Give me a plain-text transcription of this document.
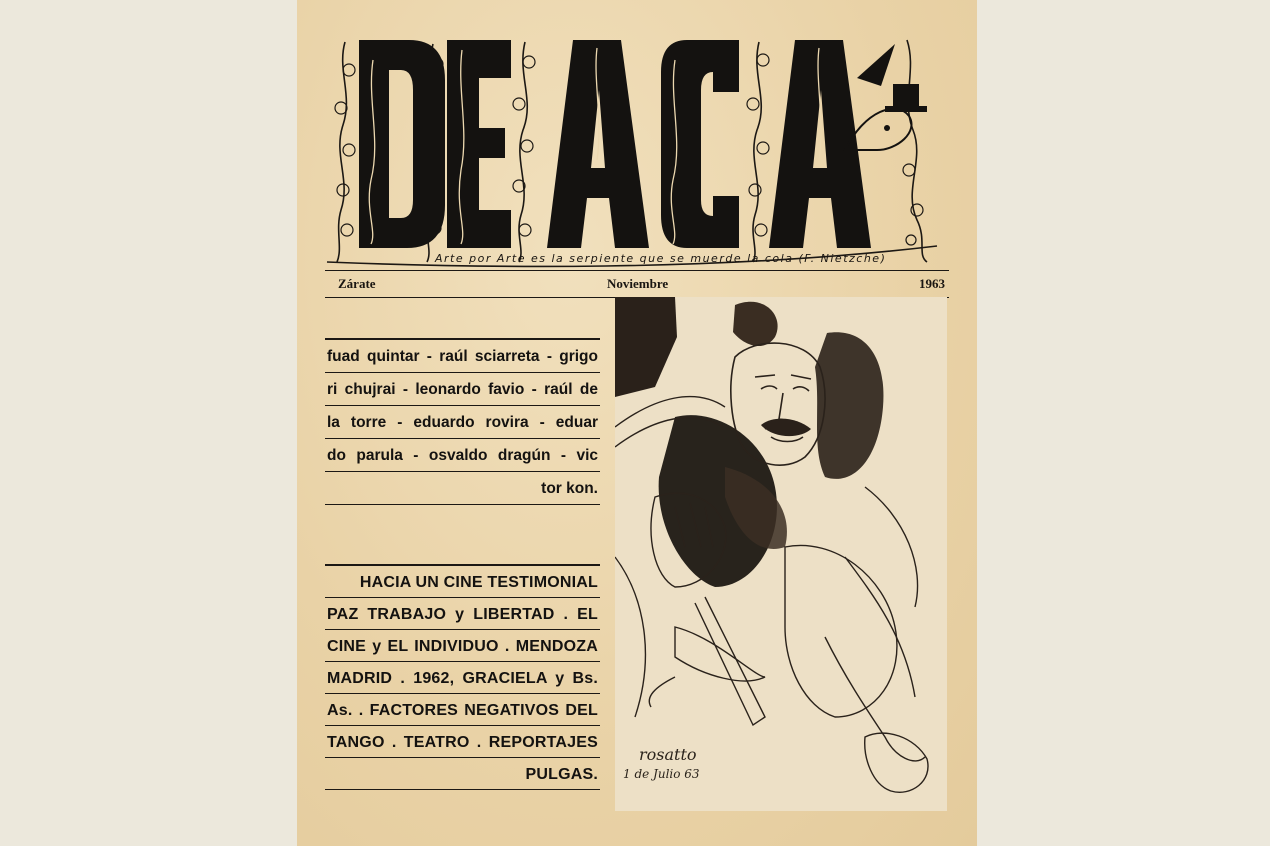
Arte por Arte es la serpiente que se muerde la cola (F. Nietzche)
Zárate	Noviembre	1963
fuad quintar - raúl sciarreta - grigo
ri chujrai - leonardo favio - raúl de
la torre - eduardo rovira - eduar
do parula - osvaldo dragún - vic
tor kon.
HACIA UN CINE TESTIMONIAL
PAZ TRABAJO y LIBERTAD . EL
CINE y EL INDIVIDUO . MENDOZA
MADRID . 1962, GRACIELA y Bs.
As. . FACTORES NEGATIVOS DEL
TANGO . TEATRO . REPORTAJES
PULGAS.
rosatto
1 de Julio 63
